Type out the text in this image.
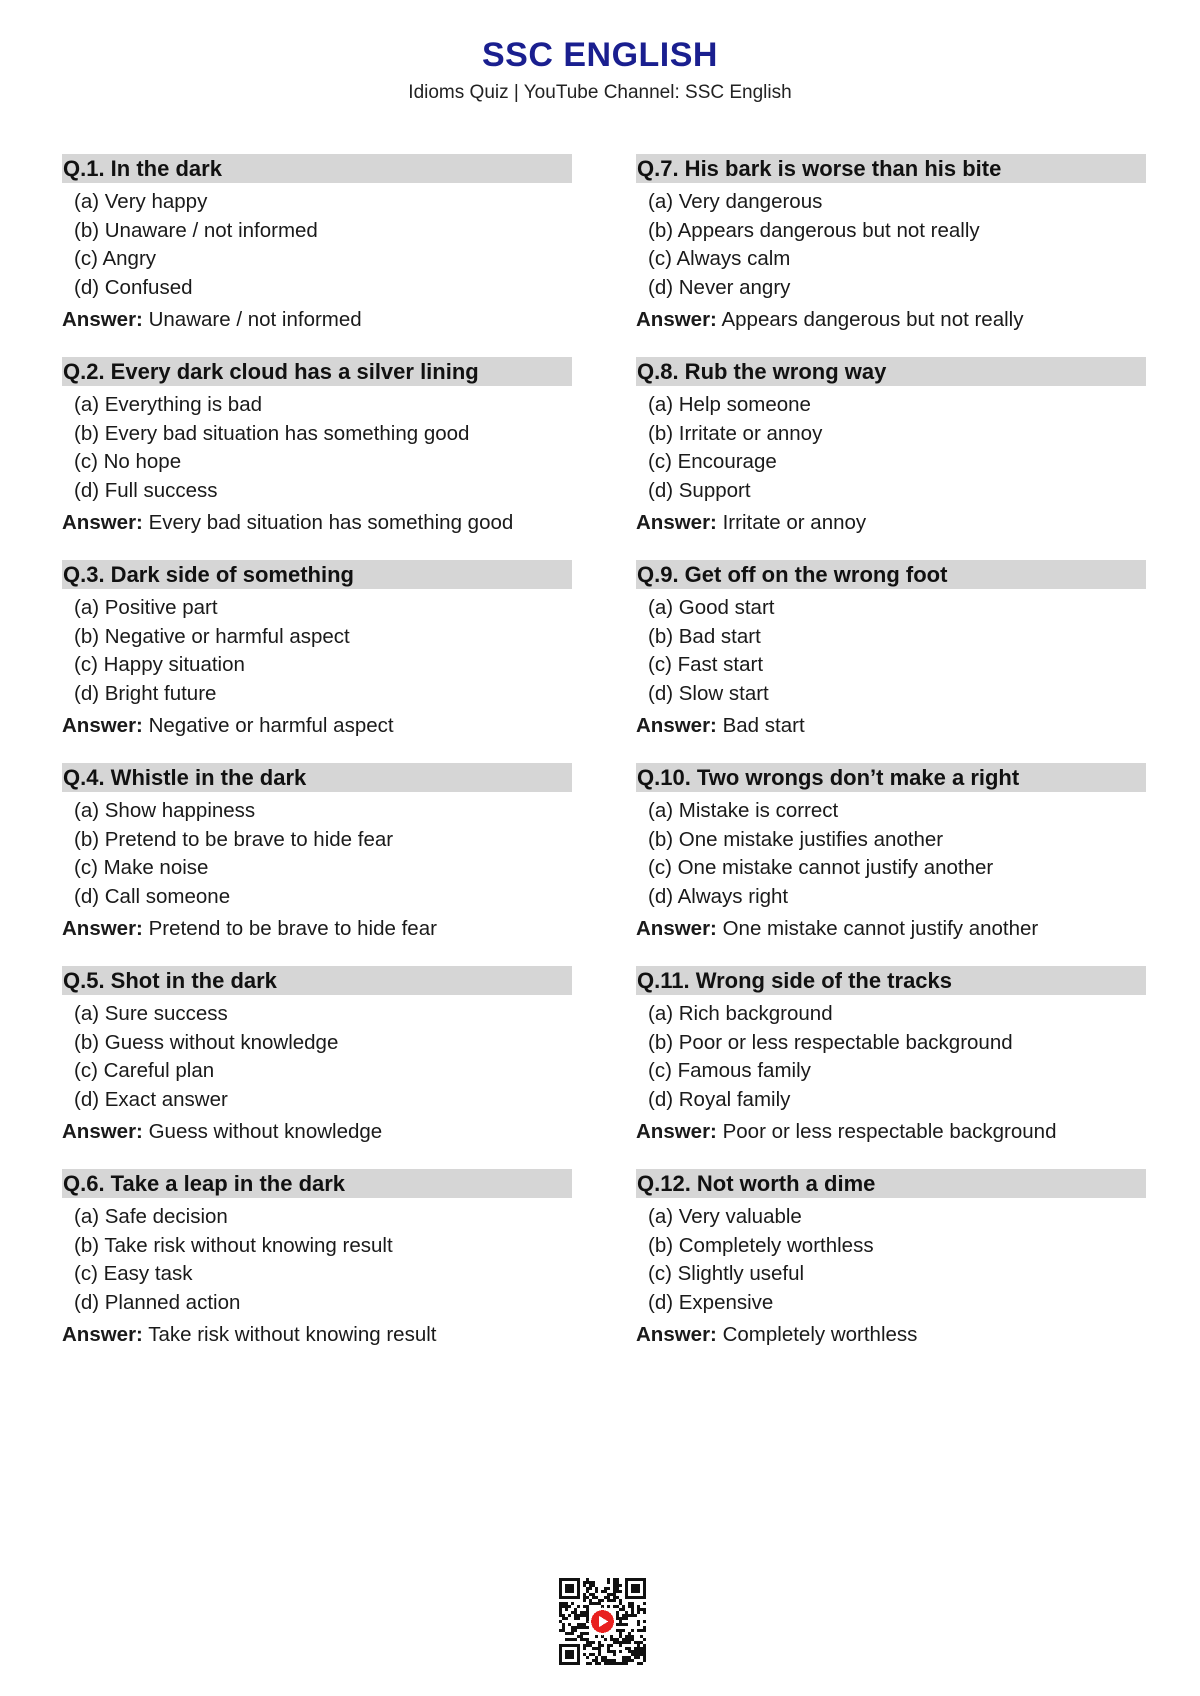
SSC ENGLISH
Idioms Quiz | YouTube Channel: SSC English
Q.1. In the dark
(a) Very happy
(b) Unaware / not informed
(c) Angry
(d) Confused
Answer: Unaware / not informed
Q.2. Every dark cloud has a silver lining
(a) Everything is bad
(b) Every bad situation has something good
(c) No hope
(d) Full success
Answer: Every bad situation has something good
Q.3. Dark side of something
(a) Positive part
(b) Negative or harmful aspect
(c) Happy situation
(d) Bright future
Answer: Negative or harmful aspect
Q.4. Whistle in the dark
(a) Show happiness
(b) Pretend to be brave to hide fear
(c) Make noise
(d) Call someone
Answer: Pretend to be brave to hide fear
Q.5. Shot in the dark
(a) Sure success
(b) Guess without knowledge
(c) Careful plan
(d) Exact answer
Answer: Guess without knowledge
Q.6. Take a leap in the dark
(a) Safe decision
(b) Take risk without knowing result
(c) Easy task
(d) Planned action
Answer: Take risk without knowing result
Q.7. His bark is worse than his bite
(a) Very dangerous
(b) Appears dangerous but not really
(c) Always calm
(d) Never angry
Answer: Appears dangerous but not really
Q.8. Rub the wrong way
(a) Help someone
(b) Irritate or annoy
(c) Encourage
(d) Support
Answer: Irritate or annoy
Q.9. Get off on the wrong foot
(a) Good start
(b) Bad start
(c) Fast start
(d) Slow start
Answer: Bad start
Q.10. Two wrongs don’t make a right
(a) Mistake is correct
(b) One mistake justifies another
(c) One mistake cannot justify another
(d) Always right
Answer: One mistake cannot justify another
Q.11. Wrong side of the tracks
(a) Rich background
(b) Poor or less respectable background
(c) Famous family
(d) Royal family
Answer: Poor or less respectable background
Q.12. Not worth a dime
(a) Very valuable
(b) Completely worthless
(c) Slightly useful
(d) Expensive
Answer: Completely worthless
